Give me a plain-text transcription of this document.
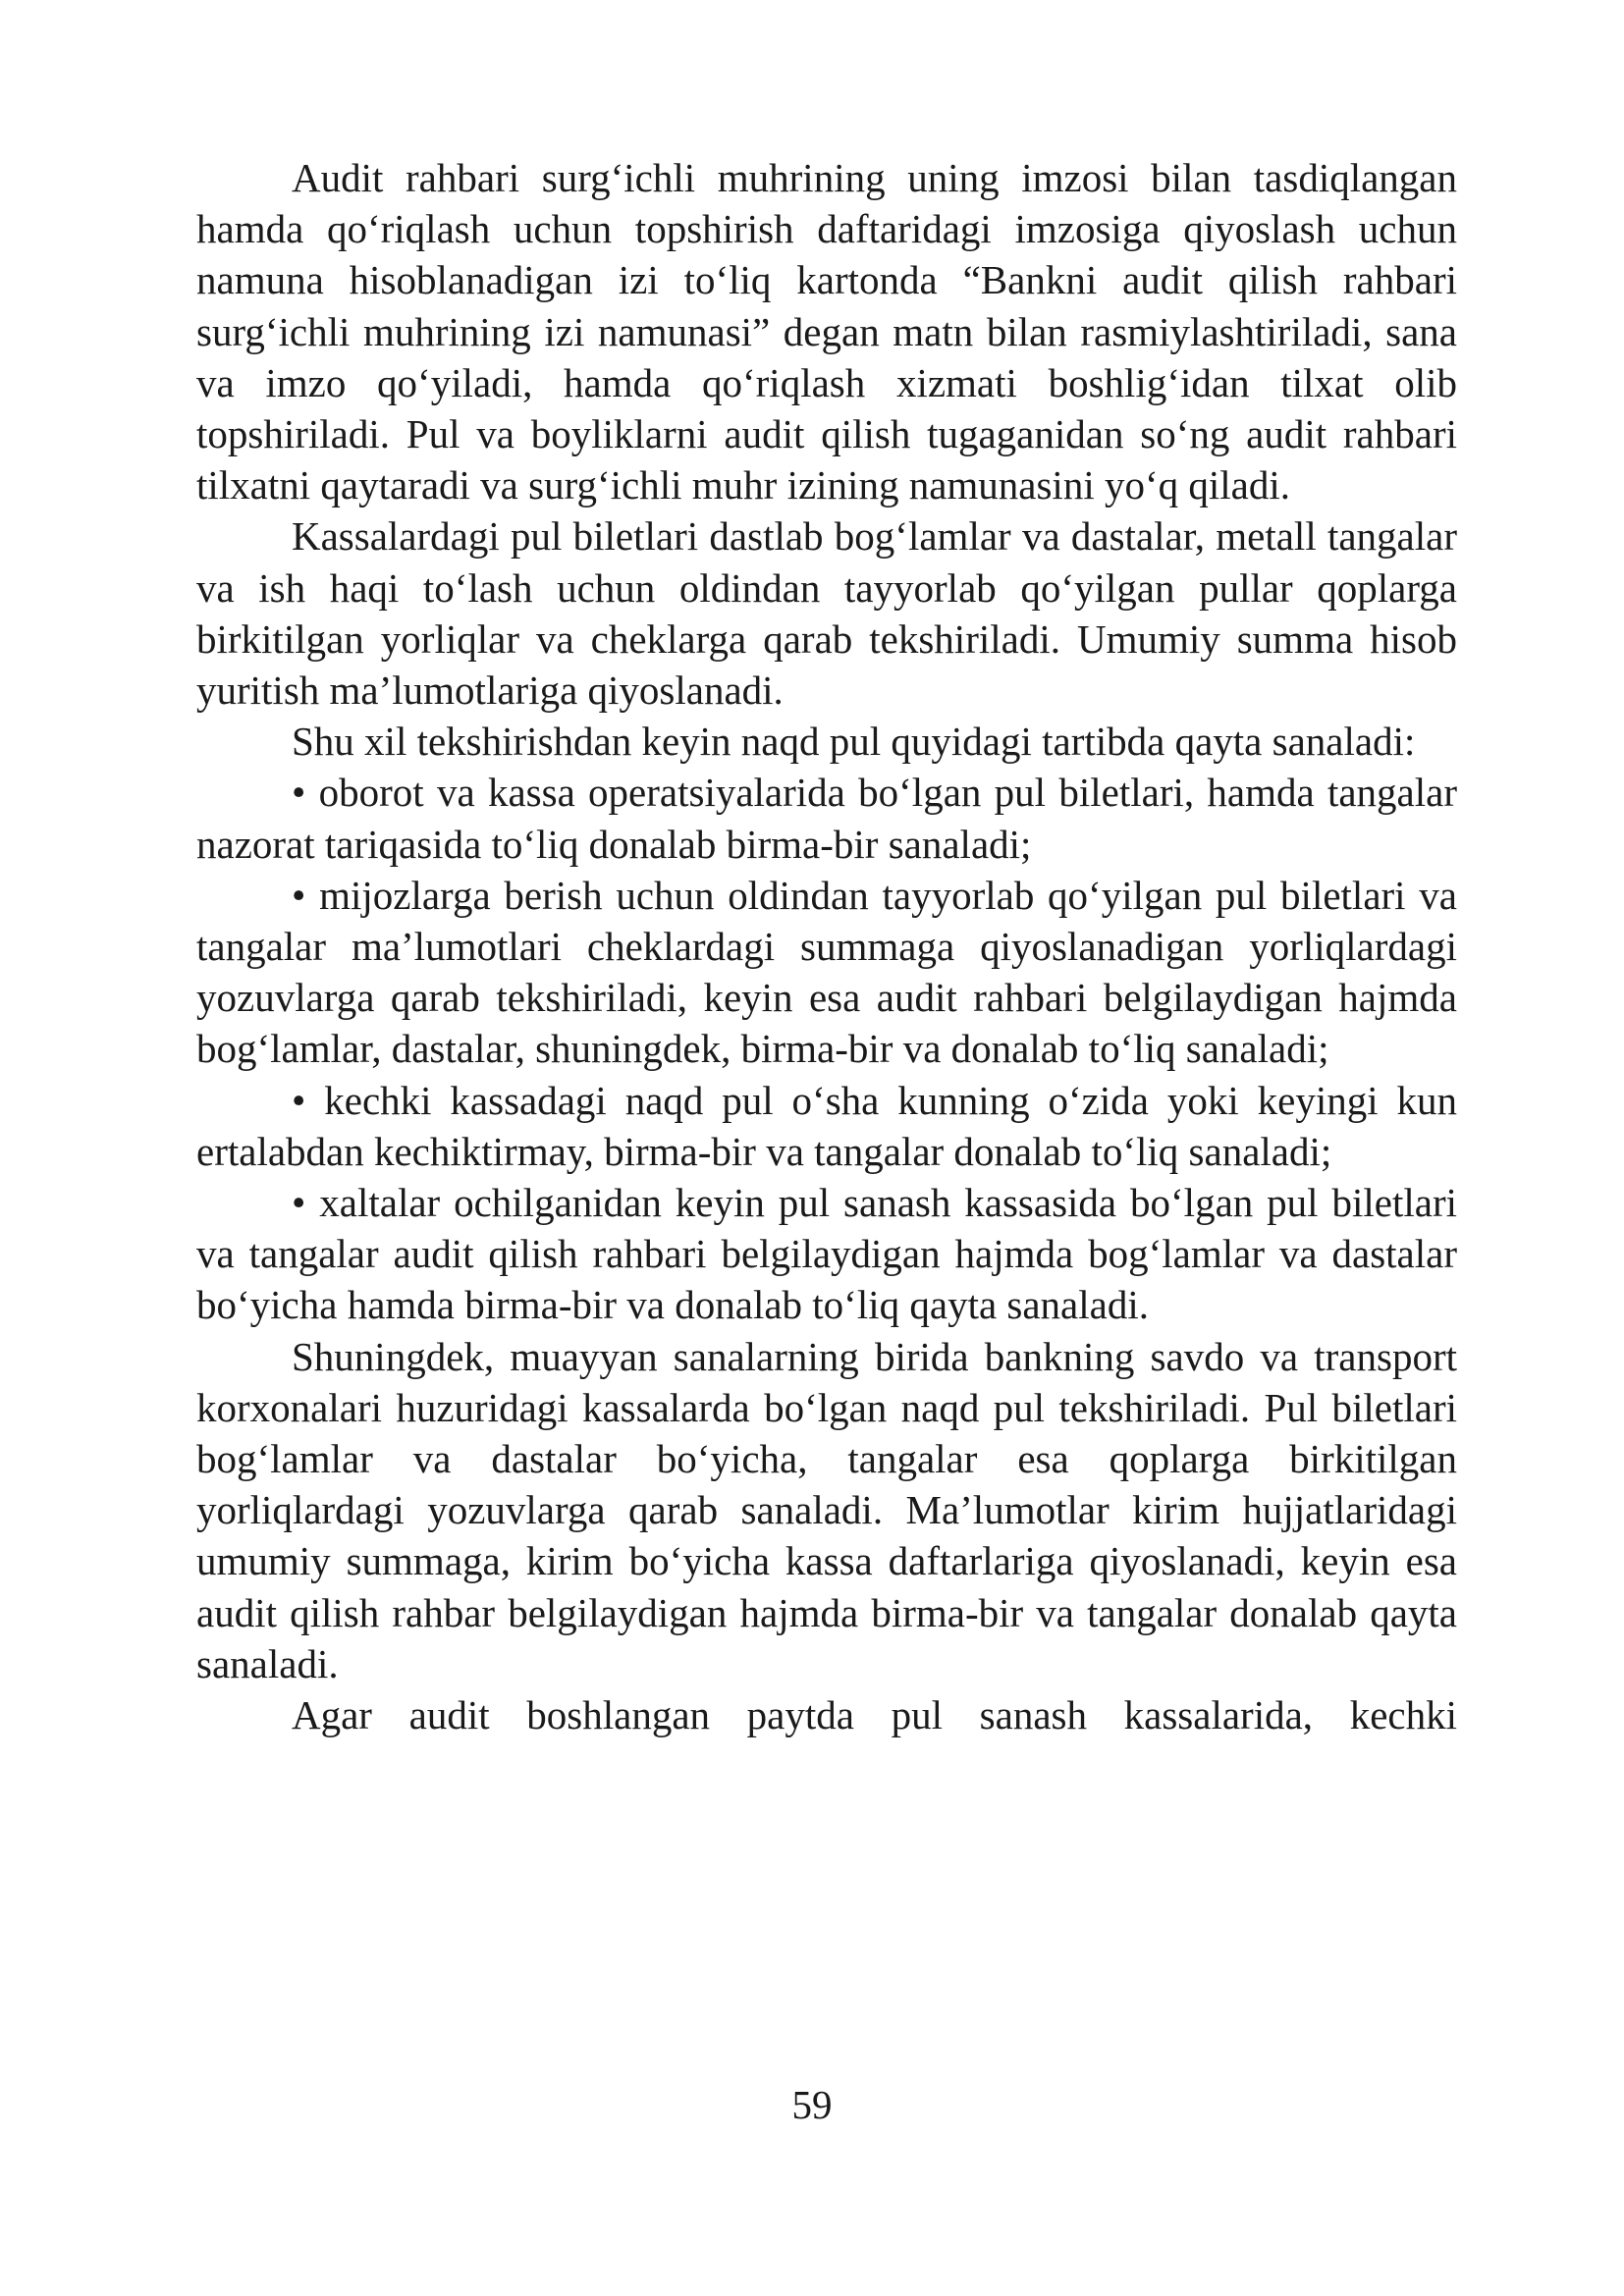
Audit rahbari surg‘ichli muhrining uning imzosi bilan tasdiqlangan hamda qo‘riqlash uchun topshirish daftaridagi imzosiga qiyoslash uchun namuna hisoblanadigan izi to‘liq kartonda “Bankni audit qilish rahbari surg‘ichli muhrining izi namunasi” degan matn bilan rasmiylashtiriladi, sana va imzo qo‘yiladi, hamda qo‘riqlash xizmati boshlig‘idan tilxat olib topshiriladi. Pul va boyliklarni audit qilish tugaganidan so‘ng audit rahbari tilxatni qaytaradi va surg‘ichli muhr izining namunasini yo‘q qiladi.

Kassalardagi pul biletlari dastlab bog‘lamlar va dastalar, metall tangalar va ish haqi to‘lash uchun oldindan tayyorlab qo‘yilgan pullar qoplarga birkitilgan yorliqlar va cheklarga qarab tekshiriladi. Umumiy summa hisob yuritish ma’lumotlariga qiyoslanadi.

Shu xil tekshirishdan keyin naqd pul quyidagi tartibda qayta sanaladi:

• oborot va kassa operatsiyalarida bo‘lgan pul biletlari, hamda tangalar nazorat tariqasida to‘liq donalab birma-bir sanaladi;

• mijozlarga berish uchun oldindan tayyorlab qo‘yilgan pul biletlari va tangalar ma’lumotlari cheklardagi summaga qiyoslanadigan yorliqlardagi yozuvlarga qarab tekshiriladi, keyin esa audit rahbari belgilaydigan hajmda bog‘lamlar, dastalar, shuningdek, birma-bir va donalab to‘liq sanaladi;

• kechki kassadagi naqd pul o‘sha kunning o‘zida yoki keyingi kun ertalabdan kechiktirmay, birma-bir va tangalar donalab to‘liq sanaladi;

• xaltalar ochilganidan keyin pul sanash kassasida bo‘lgan pul biletlari va tangalar audit qilish rahbari belgilaydigan hajmda bog‘lamlar va dastalar bo‘yicha hamda birma-bir va donalab to‘liq qayta sanaladi.

Shuningdek, muayyan sanalarning birida bankning savdo va transport korxonalari huzuridagi kassalarda bo‘lgan naqd pul tekshiriladi. Pul biletlari bog‘lamlar va dastalar bo‘yicha, tangalar esa qoplarga birkitilgan yorliqlardagi yozuvlarga qarab sanaladi. Ma’lumotlar kirim hujjatlaridagi umumiy summaga, kirim bo‘yicha kassa daftarlariga qiyoslanadi, keyin esa audit qilish rahbar belgilaydigan hajmda birma-bir va tangalar donalab qayta sanaladi.

Agar audit boshlangan paytda pul sanash kassalarida, kechki

59
